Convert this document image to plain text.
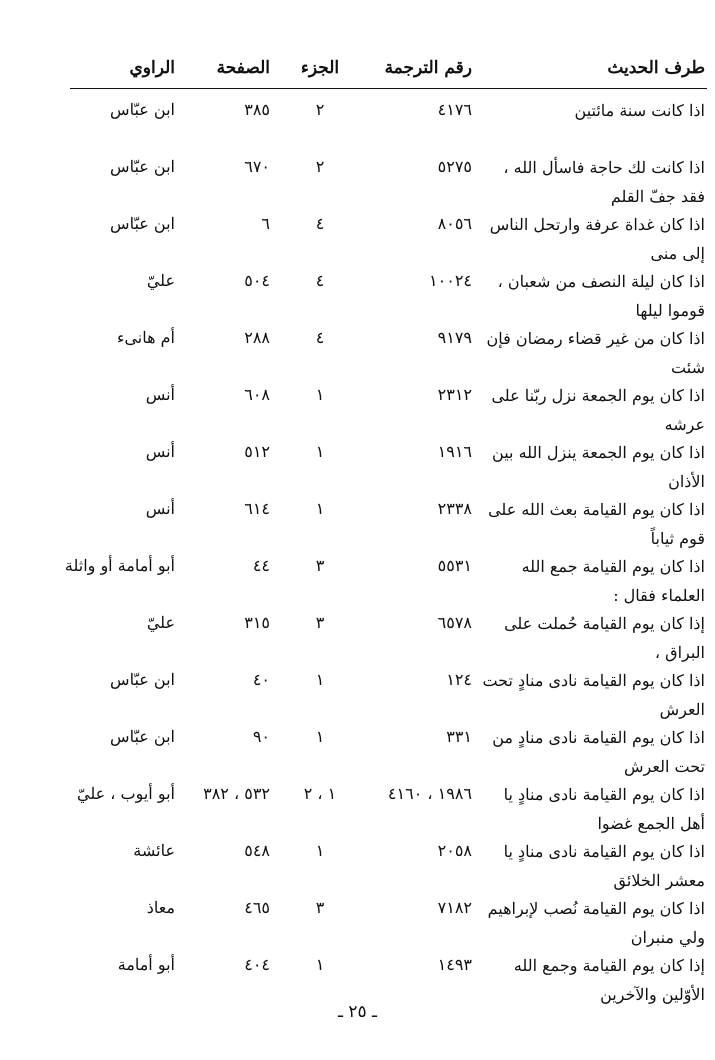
طرف الحديث
رقم الترجمة
الجزء
الصفحة
الراوي
اذا كانت سنة مائتين
٤١٧٦
٢
٣٨٥
ابن عبّاس
اذا كانت لك حاجة فاسأل الله ، فقد جفّ القلم
٥٢٧٥
٢
٦٧٠
ابن عبّاس
اذا كان غداة عرفة وارتحل الناس إلى منى
٨٠٥٦
٤
٦
ابن عبّاس
اذا كان ليلة النصف من شعبان ، قوموا ليلها
١٠٠٢٤
٤
٥٠٤
عليّ
اذا كان من غير قضاء رمضان فإن شئت
٩١٧٩
٤
٢٨٨
أم هانىء
اذا كان يوم الجمعة نزل ربّنا على عرشه
٢٣١٢
١
٦٠٨
أنس
اذا كان يوم الجمعة ينزل الله بين الأذان
١٩١٦
١
٥١٢
أنس
اذا كان يوم القيامة بعث الله على قوم ثياباً
٢٣٣٨
١
٦١٤
أنس
اذا كان يوم القيامة جمع الله العلماء فقال :
٥٥٣١
٣
٤٤
أبو أمامة أو واثلة
إذا كان يوم القيامة حُملت على البراق ،
٦٥٧٨
٣
٣١٥
عليّ
اذا كان يوم القيامة نادى منادٍ تحت العرش
١٢٤
١
٤٠
ابن عبّاس
اذا كان يوم القيامة نادى منادٍ من تحت العرش
٣٣١
١
٩٠
ابن عبّاس
اذا كان يوم القيامة نادى منادٍ يا أهل الجمع غضوا
١٩٨٦ ، ٤١٦٠
١ ، ٢
٥٣٢ ، ٣٨٢
أبو أيوب ، عليّ
اذا كان يوم القيامة نادى منادٍ يا معشر الخلائق
٢٠٥٨
١
٥٤٨
عائشة
اذا كان يوم القيامة نُصب لإبراهيم ولي منبران
٧١٨٢
٣
٤٦٥
معاذ
إذا كان يوم القيامة وجمع الله الأوّلين والآخرين
١٤٩٣
١
٤٠٤
أبو أمامة
ـ ٢٥ ـ
